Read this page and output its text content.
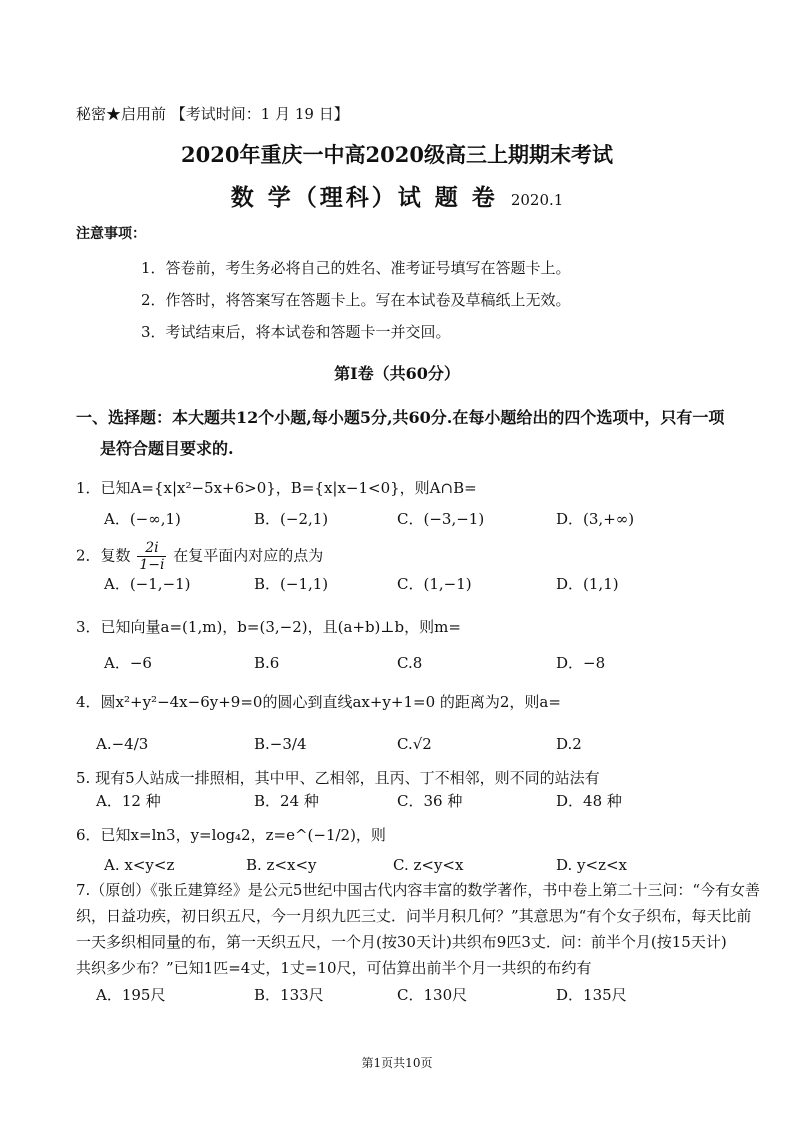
秘密★启用前 【考试时间：1 月 19 日】
2020年重庆一中高2020级高三上期期末考试
数 学（理科）试 题 卷 2020.1
注意事项：
1．答卷前，考生务必将自己的姓名、准考证号填写在答题卡上。
2．作答时，将答案写在答题卡上。写在本试卷及草稿纸上无效。
3．考试结束后，将本试卷和答题卡一并交回。
第Ⅰ卷（共60分）
一、选择题：本大题共12个小题,每小题5分,共60分.在每小题给出的四个选项中，只有一项
是符合题目要求的.
1．已知A={x|x²−5x+6>0}，B={x|x−1<0}，则A∩B=
A．(−∞,1)	B．(−2,1)	C．(−3,−1)	D．(3,+∞)
2．复数 $\frac{2i}{1-i}$ 在复平面内对应的点为
A．(−1,−1)	B．(−1,1)	C．(1,−1)	D．(1,1)
3．已知向量a=(1,m)，b=(3,−2)，且(a+b)⊥b，则m=
A．−6	B.6	C.8	D．−8
4．圆x²+y²−4x−6y+9=0的圆心到直线ax+y+1=0 的距离为2，则a=
A.−4/3	B.−3/4	C.√2	D.2
5. 现有5人站成一排照相，其中甲、乙相邻，且丙、丁不相邻，则不同的站法有
A．12 种	B．24 种	C．36 种	D．48 种
6．已知x=ln3，y=log₄2，z=e^(−1/2)，则
A. x<y<z	B. z<x<y	C. z<y<x	D. y<z<x
7.（原创）《张丘建算经》是公元5世纪中国古代内容丰富的数学著作，书中卷上第二十三问：“今有女善
织，日益功疾，初日织五尺，今一月织九匹三丈．问半月积几何？”其意思为“有个女子织布，每天比前
一天多织相同量的布，第一天织五尺，一个月(按30天计)共织布9匹3丈．问：前半个月(按15天计)
共织多少布？”已知1匹=4丈，1丈=10尺，可估算出前半个月一共织的布约有
A．195尺	B．133尺	C．130尺	D．135尺
第1页共10页
